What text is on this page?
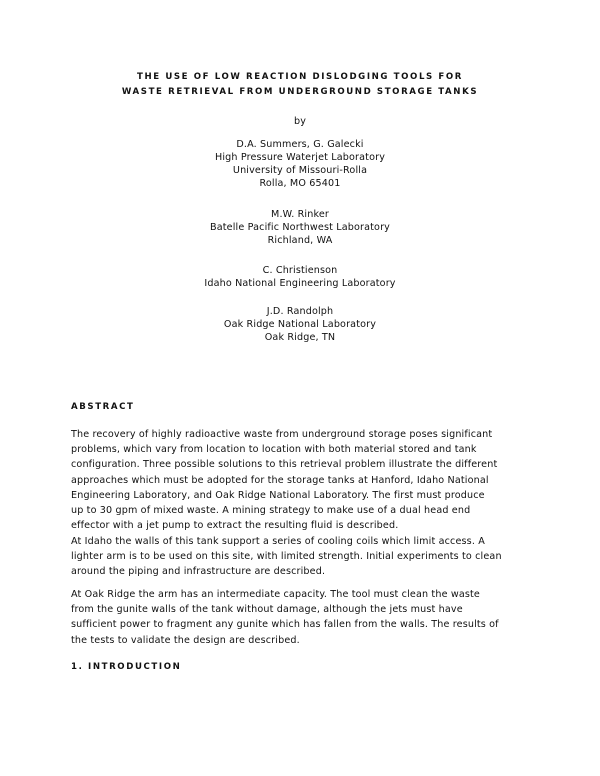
THE USE OF LOW REACTION DISLODGING TOOLS FOR
WASTE RETRIEVAL FROM UNDERGROUND STORAGE TANKS
by
D.A. Summers, G. Galecki
High Pressure Waterjet Laboratory
University of Missouri-Rolla
Rolla, MO 65401
M.W. Rinker
Batelle Pacific Northwest Laboratory
Richland, WA
C. Christienson
Idaho National Engineering Laboratory
J.D. Randolph
Oak Ridge National Laboratory
Oak Ridge, TN
ABSTRACT
The recovery of highly radioactive waste from underground storage poses significant
problems, which vary from location to location with both material stored and tank
configuration. Three possible solutions to this retrieval problem illustrate the different
approaches which must be adopted for the storage tanks at Hanford, Idaho National
Engineering Laboratory, and Oak Ridge National Laboratory. The first must produce
up to 30 gpm of mixed waste. A mining strategy to make use of a dual head end
effector with a jet pump to extract the resulting fluid is described.
At Idaho the walls of this tank support a series of cooling coils which limit access. A
lighter arm is to be used on this site, with limited strength. Initial experiments to clean
around the piping and infrastructure are described.
At Oak Ridge the arm has an intermediate capacity. The tool must clean the waste
from the gunite walls of the tank without damage, although the jets must have
sufficient power to fragment any gunite which has fallen from the walls. The results of
the tests to validate the design are described.
1. INTRODUCTION
